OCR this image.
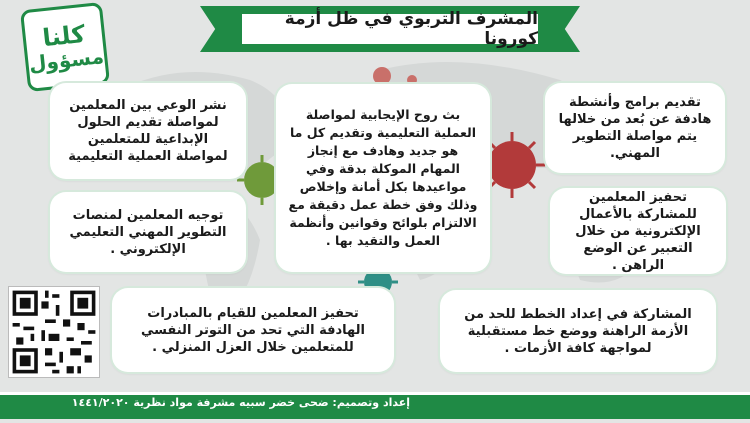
المشرف التربوي في ظل أزمة كورونا
كلنا
مسؤول
بث روح الإيجابية لمواصلة العملية التعليمية وتقديم كل ما هو جديد وهادف مع إنجاز المهام الموكلة بدقة وفي مواعيدها بكل أمانة وإخلاص وذلك وفق خطة عمل دقيقة مع الالتزام بلوائح وقوانين وأنظمة العمل والتقيد بها .
نشر الوعي بين المعلمين لمواصلة تقديم الحلول الإبداعية للمتعلمين لمواصلة العملية التعليمية
توجيه المعلمين لمنصات التطوير المهني التعليمي الإلكتروني .
تقديم برامج وأنشطة هادفة عن بُعد من خلالها يتم مواصلة التطوير المهني.
تحفيز المعلمين للمشاركة بالأعمال الإلكترونية من خلال التعبير عن الوضع الراهن .
تحفيز المعلمين للقيام بالمبادرات الهادفة التي تحد من التوتر النفسي للمتعلمين خلال العزل المنزلي .
المشاركة في إعداد الخطط للحد من الأزمة الراهنة ووضع خط مستقبلية لمواجهة كافة الأزمات .
إعداد وتصميم: ضحى خضر سبيه مشرفة مواد نظرية ١٤٤١/٢٠٢٠
